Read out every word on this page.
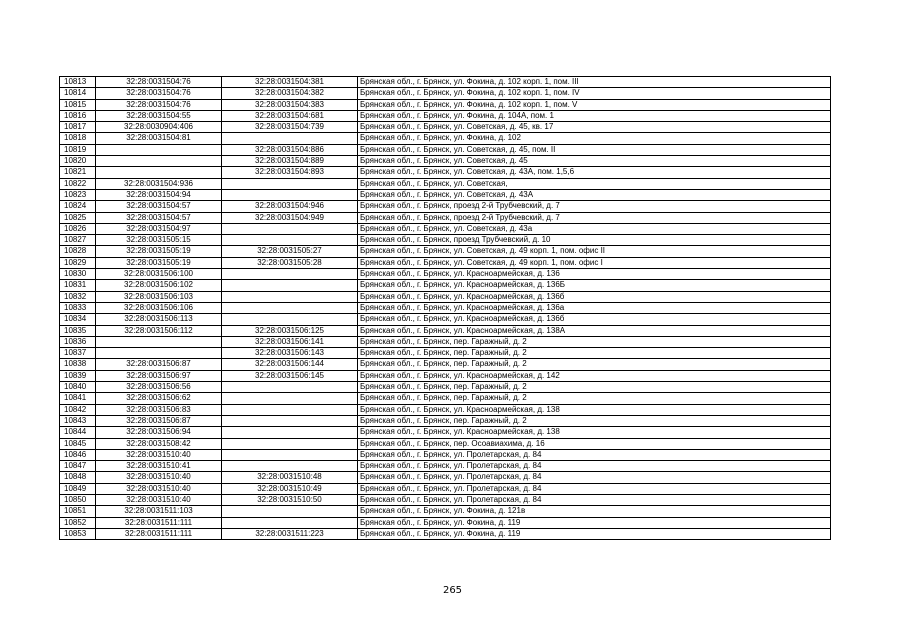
10813	32:28:0031504:76	32:28:0031504:381	Брянская обл., г. Брянск, ул. Фокина, д. 102 корп. 1, пом. III
10814	32:28:0031504:76	32:28:0031504:382	Брянская обл., г. Брянск, ул. Фокина, д. 102 корп. 1, пом. IV
10815	32:28:0031504:76	32:28:0031504:383	Брянская обл., г. Брянск, ул. Фокина, д. 102 корп. 1, пом. V
10816	32:28:0031504:55	32:28:0031504:681	Брянская обл., г. Брянск, ул. Фокина, д. 104А, пом. 1
10817	32:28:0030904:406	32:28:0031504:739	Брянская обл., г. Брянск, ул. Советская, д. 45, кв. 17
10818	32:28:0031504:81		Брянская обл., г. Брянск, ул. Фокина, д. 102
10819		32:28:0031504:886	Брянская обл., г. Брянск, ул. Советская, д. 45, пом. II
10820		32:28:0031504:889	Брянская обл., г. Брянск, ул. Советская, д. 45
10821		32:28:0031504:893	Брянская обл., г. Брянск, ул. Советская, д. 43А, пом. 1,5,6
10822	32:28:0031504:936		Брянская обл., г. Брянск, ул. Советская,
10823	32:28:0031504:94		Брянская обл., г. Брянск, ул. Советская, д. 43А
10824	32:28:0031504:57	32:28:0031504:946	Брянская обл., г. Брянск, проезд 2-й Трубчевский, д. 7
10825	32:28:0031504:57	32:28:0031504:949	Брянская обл., г. Брянск, проезд 2-й Трубчевский, д. 7
10826	32:28:0031504:97		Брянская обл., г. Брянск, ул. Советская, д. 43а
10827	32:28:0031505:15		Брянская обл., г. Брянск, проезд Трубчевский, д. 10
10828	32:28:0031505:19	32:28:0031505:27	Брянская обл., г. Брянск, ул. Советская, д. 49 корп. 1, пом. офис II
10829	32:28:0031505:19	32:28:0031505:28	Брянская обл., г. Брянск, ул. Советская, д. 49 корп. 1, пом. офис I
10830	32:28:0031506:100		Брянская обл., г. Брянск, ул. Красноармейская, д. 136
10831	32:28:0031506:102		Брянская обл., г. Брянск, ул. Красноармейская, д. 136Б
10832	32:28:0031506:103		Брянская обл., г. Брянск, ул. Красноармейская, д. 136б
10833	32:28:0031506:106		Брянская обл., г. Брянск, ул. Красноармейская, д. 136а
10834	32:28:0031506:113		Брянская обл., г. Брянск, ул. Красноармейская, д. 136б
10835	32:28:0031506:112	32:28:0031506:125	Брянская обл., г. Брянск, ул. Красноармейская, д. 138А
10836		32:28:0031506:141	Брянская обл., г. Брянск, пер. Гаражный, д. 2
10837		32:28:0031506:143	Брянская обл., г. Брянск, пер. Гаражный, д. 2
10838	32:28:0031506:87	32:28:0031506:144	Брянская обл., г. Брянск, пер. Гаражный, д. 2
10839	32:28:0031506:97	32:28:0031506:145	Брянская обл., г. Брянск, ул. Красноармейская, д. 142
10840	32:28:0031506:56		Брянская обл., г. Брянск, пер. Гаражный, д. 2
10841	32:28:0031506:62		Брянская обл., г. Брянск, пер. Гаражный, д. 2
10842	32:28:0031506:83		Брянская обл., г. Брянск, ул. Красноармейская, д. 138
10843	32:28:0031506:87		Брянская обл., г. Брянск, пер. Гаражный, д. 2
10844	32:28:0031506:94		Брянская обл., г. Брянск, ул. Красноармейская, д. 138
10845	32:28:0031508:42		Брянская обл., г. Брянск, пер. Осоавиахима, д. 16
10846	32:28:0031510:40		Брянская обл., г. Брянск, ул. Пролетарская, д. 84
10847	32:28:0031510:41		Брянская обл., г. Брянск, ул. Пролетарская, д. 84
10848	32:28:0031510:40	32:28:0031510:48	Брянская обл., г. Брянск, ул. Пролетарская, д. 84
10849	32:28:0031510:40	32:28:0031510:49	Брянская обл., г. Брянск, ул. Пролетарская, д. 84
10850	32:28:0031510:40	32:28:0031510:50	Брянская обл., г. Брянск, ул. Пролетарская, д. 84
10851	32:28:0031511:103		Брянская обл., г. Брянск, ул. Фокина, д. 121в
10852	32:28:0031511:111		Брянская обл., г. Брянск, ул. Фокина, д. 119
10853	32:28:0031511:111	32:28:0031511:223	Брянская обл., г. Брянск, ул. Фокина, д. 119
265
